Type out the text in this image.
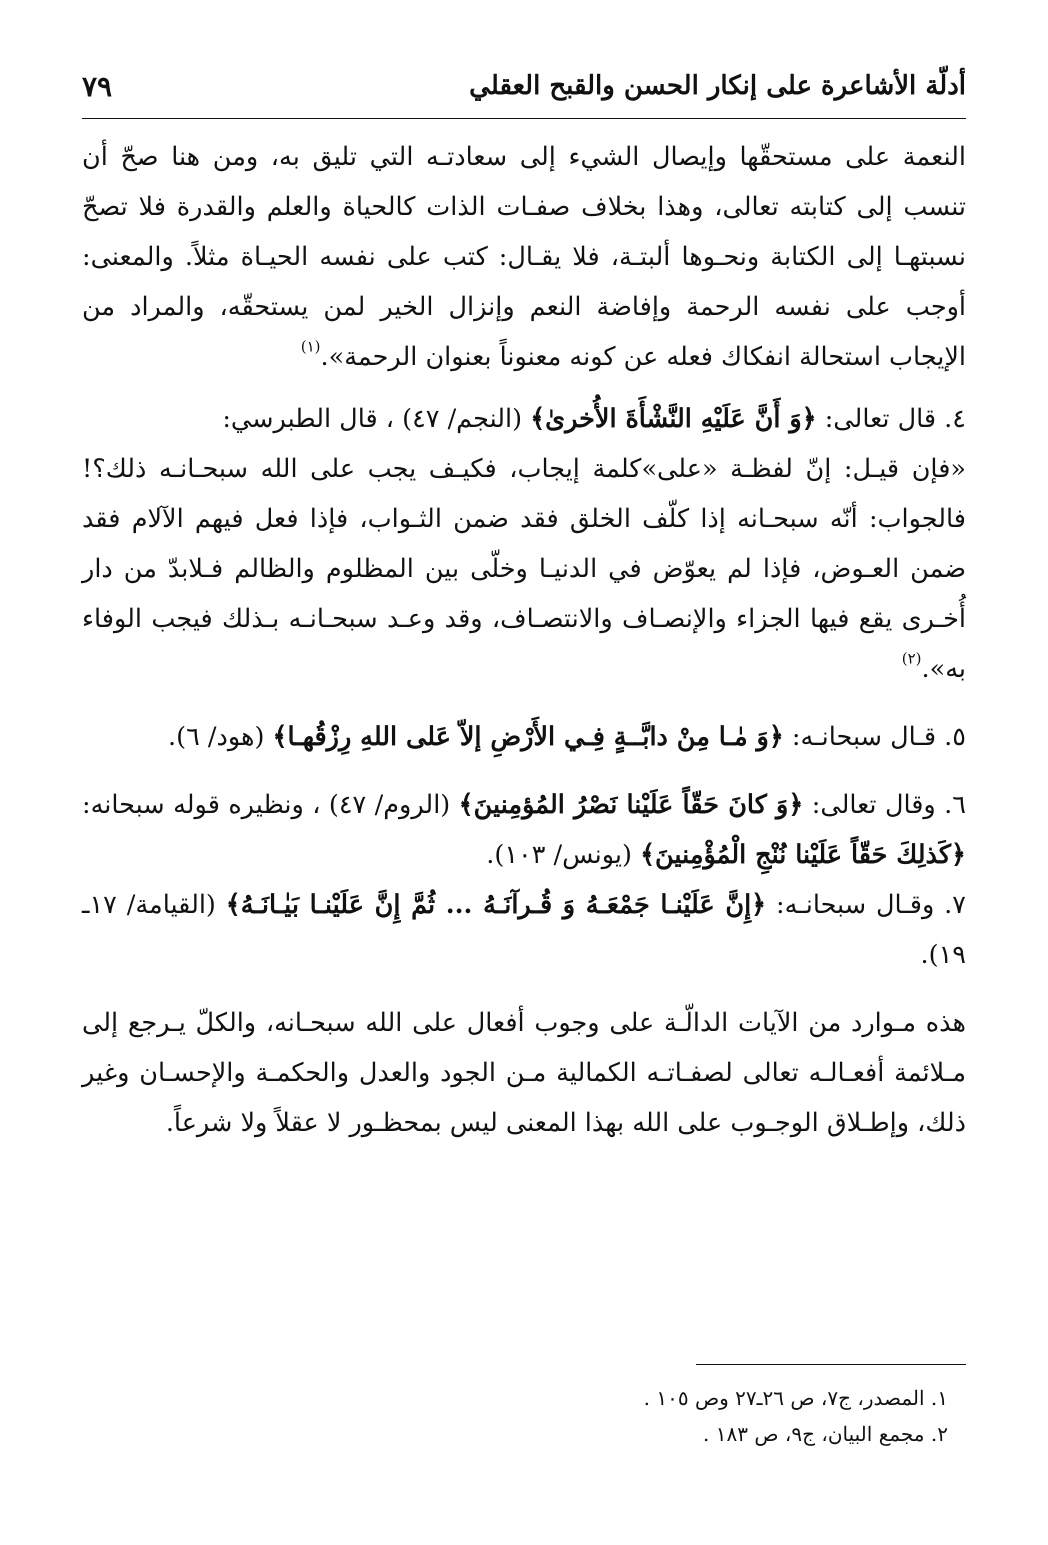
أدلّة الأشاعرة على إنكار الحسن والقبح العقلي
٧٩

النعمة على مستحقّها وإيصال الشيء إلى سعادتـه التي تليق به، ومن هنا صحّ أن تنسب إلى كتابته تعالى، وهذا بخلاف صفـات الذات كالحياة والعلم والقدرة فلا تصحّ نسبتهـا إلى الكتابة ونحـوها ألبتـة، فلا يقـال: كتب على نفسه الحيـاة مثلاً. والمعنى: أوجب على نفسه الرحمة وإفاضة النعم وإنزال الخير لمن يستحقّه، والمراد من الإيجاب استحالة انفكاك فعله عن كونه معنوناً بعنوان الرحمة».$^{(١)}$

٤. قال تعالى: ﴿وَ أَنَّ عَلَيْهِ النَّشْأَةَ الأُخرىٰ﴾ (النجم/ ٤٧) ، قال الطبرسي:

«فإن قيـل: إنّ لفظـة «على»كلمة إيجاب، فكيـف يجب على الله سبحـانـه ذلك؟! فالجواب: أنّه سبحـانه إذا كلّف الخلق فقد ضمن الثـواب، فإذا فعل فيهم الآلام فقد ضمن العـوض، فإذا لم يعوّض في الدنيـا وخلّى بين المظلوم والظالم فـلابدّ من دار أُخـرى يقع فيها الجزاء والإنصـاف والانتصـاف، وقد وعـد سبحـانـه بـذلك فيجب الوفاء به».$^{(٢)}$

٥. قـال سبحانـه: ﴿وَ مٰـا مِنْ دابَّــةٍ فِـي الأَرْضِ إلاّ عَلى اللهِ رِزْقُهـا﴾ (هود/ ٦).

٦. وقال تعالى: ﴿وَ كانَ حَقّاً عَلَيْنا نَصْرُ المُؤمِنينَ﴾ (الروم/ ٤٧) ، ونظيره قوله سبحانه: ﴿كَذلِكَ حَقّاً عَلَيْنا نُنْجِ الْمُؤْمِنينَ﴾ (يونس/ ١٠٣).

٧. وقـال سبحانـه: ﴿إِنَّ عَلَيْنـا جَمْعَـهُ وَ قُـرآنَـهُ ... ثُمَّ إِنَّ عَلَيْنـا بَيٰـانَـهُ﴾ (القيامة/ ١٧ـ ١٩).

هذه مـوارد من الآيات الدالّـة على وجوب أفعال على الله سبحـانه، والكلّ يـرجع إلى مـلائمة أفعـالـه تعالى لصفـاتـه الكمالية مـن الجود والعدل والحكمـة والإحسـان وغير ذلك، وإطـلاق الوجـوب على الله بهذا المعنى ليس بمحظـور لا عقلاً ولا شرعاً.

١. المصدر، ج٧، ص ٢٦ـ٢٧ وص ١٠٥ .
٢. مجمع البيان، ج٩، ص ١٨٣ .
